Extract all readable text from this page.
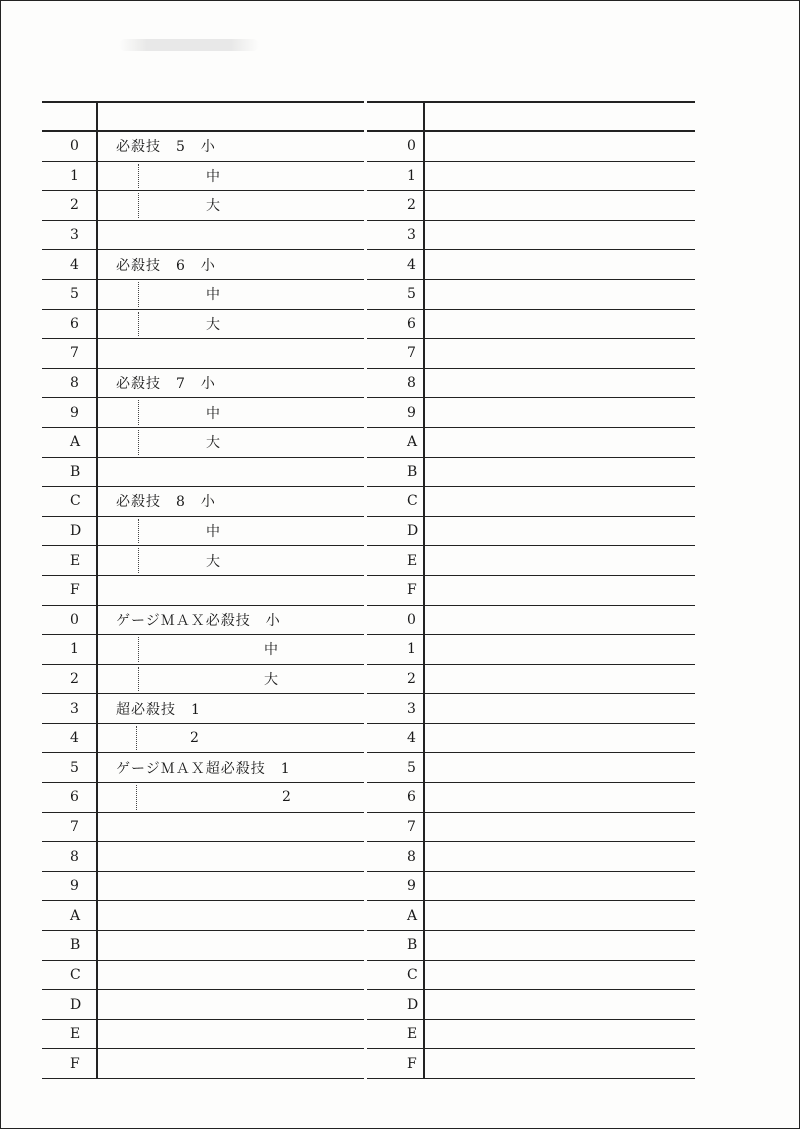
0	必殺技　5　小
1	中
2	大
3
4	必殺技　6　小
5	中
6	大
7
8	必殺技　7　小
9	中
A	大
B
C	必殺技　8　小
D	中
E	大
F
0	ゲージＭＡＸ必殺技　小
1	中
2	大
3	超必殺技　1
4	2
5	ゲージＭＡＸ超必殺技　1
6	2
7
8
9
A
B
C
D
E
F
0
1
2
3
4
5
6
7
8
9
A
B
C
D
E
F
0
1
2
3
4
5
6
7
8
9
A
B
C
D
E
F
